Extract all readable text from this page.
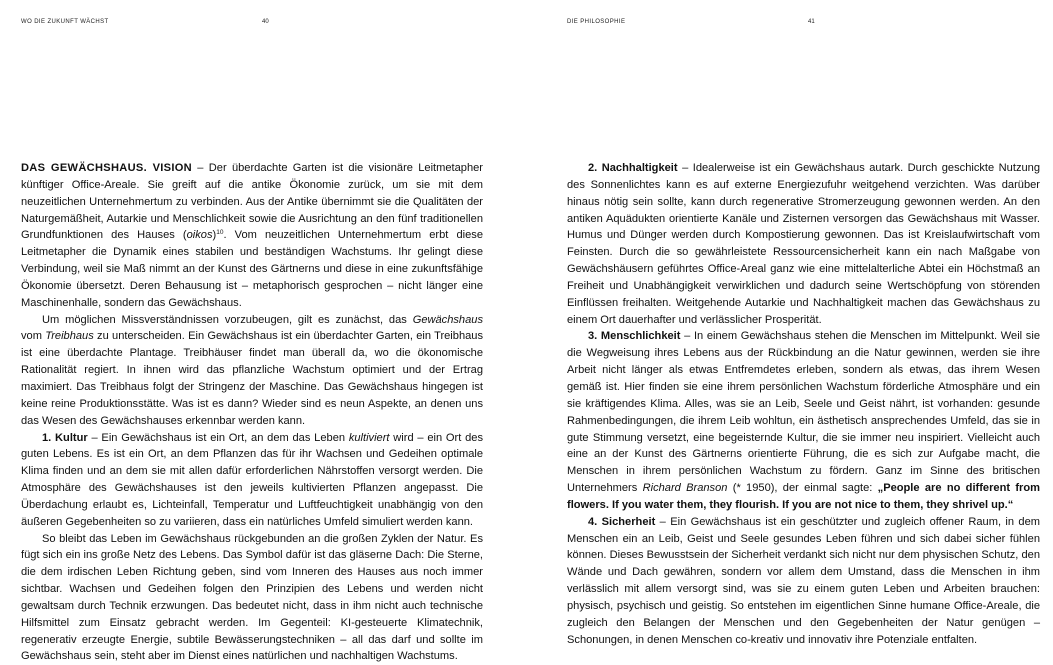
WO DIE ZUKUNFT WÄCHST	40

DAS GEWÄCHSHAUS. VISION – Der überdachte Garten ist die visionäre Leitmetapher künftiger Office-Areale. Sie greift auf die antike Ökonomie zurück, um sie mit dem neuzeitlichen Unternehmertum zu verbinden. Aus der Antike übernimmt sie die Qualitäten der Naturgemäßheit, Autarkie und Menschlichkeit sowie die Ausrichtung an den fünf traditionellen Grundfunktionen des Hauses (oikos)$^{10}$. Vom neuzeitlichen Unternehmertum erbt diese Leitmetapher die Dynamik eines stabilen und beständigen Wachstums. Ihr gelingt diese Verbindung, weil sie Maß nimmt an der Kunst des Gärtnerns und diese in eine zukunftsfähige Ökonomie übersetzt. Deren Behausung ist – metaphorisch gesprochen – nicht länger eine Maschinenhalle, sondern das Gewächshaus.

Um möglichen Missverständnissen vorzubeugen, gilt es zunächst, das Gewächshaus vom Treibhaus zu unterscheiden. Ein Gewächshaus ist ein überdachter Garten, ein Treibhaus ist eine überdachte Plantage. Treibhäuser findet man überall da, wo die ökonomische Rationalität regiert. In ihnen wird das pflanzliche Wachstum optimiert und der Ertrag maximiert. Das Treibhaus folgt der Stringenz der Maschine. Das Gewächshaus hingegen ist keine reine Produktionsstätte. Was ist es dann? Wieder sind es neun Aspekte, an denen uns das Wesen des Gewächshauses erkennbar werden kann.

1. Kultur – Ein Gewächshaus ist ein Ort, an dem das Leben kultiviert wird – ein Ort des guten Lebens. Es ist ein Ort, an dem Pflanzen das für ihr Wachsen und Gedeihen optimale Klima finden und an dem sie mit allen dafür erforderlichen Nährstoffen versorgt werden. Die Atmosphäre des Gewächshauses ist den jeweils kultivierten Pflanzen angepasst. Die Überdachung erlaubt es, Lichteinfall, Temperatur und Luftfeuchtigkeit unabhängig von den äußeren Gegebenheiten so zu variieren, dass ein natürliches Umfeld simuliert werden kann.

So bleibt das Leben im Gewächshaus rückgebunden an die großen Zyklen der Natur. Es fügt sich ein ins große Netz des Lebens. Das Symbol dafür ist das gläserne Dach: Die Sterne, die dem irdischen Leben Richtung geben, sind vom Inneren des Hauses aus noch immer sichtbar. Wachsen und Gedeihen folgen den Prinzipien des Lebens und werden nicht gewaltsam durch Technik erzwungen. Das bedeutet nicht, dass in ihm nicht auch technische Hilfsmittel zum Einsatz gebracht werden. Im Gegenteil: KI-gesteuerte Klimatechnik, regenerativ erzeugte Energie, subtile Bewässerungstechniken – all das darf und sollte im Gewächshaus sein, steht aber im Dienst eines natürlichen und nachhaltigen Wachstums.

DIE PHILOSOPHIE	41

2. Nachhaltigkeit – Idealerweise ist ein Gewächshaus autark. Durch geschickte Nutzung des Sonnenlichtes kann es auf externe Energiezufuhr weitgehend verzichten. Was darüber hinaus nötig sein sollte, kann durch regenerative Stromerzeugung gewonnen werden. An den antiken Aquädukten orientierte Kanäle und Zisternen versorgen das Gewächshaus mit Wasser. Humus und Dünger werden durch Kompostierung gewonnen. Das ist Kreislaufwirtschaft vom Feinsten. Durch die so gewährleistete Ressourcensicherheit kann ein nach Maßgabe von Gewächshäusern geführtes Office-Areal ganz wie eine mittelalterliche Abtei ein Höchstmaß an Freiheit und Unabhängigkeit verwirklichen und dadurch seine Wertschöpfung von störenden Einflüssen freihalten. Weitgehende Autarkie und Nachhaltigkeit machen das Gewächshaus zu einem Ort dauerhafter und verlässlicher Prosperität.

3. Menschlichkeit – In einem Gewächshaus stehen die Menschen im Mittelpunkt. Weil sie die Wegweisung ihres Lebens aus der Rückbindung an die Natur gewinnen, werden sie ihre Arbeit nicht länger als etwas Entfremdetes erleben, sondern als etwas, das ihrem Wesen gemäß ist. Hier finden sie eine ihrem persönlichen Wachstum förderliche Atmosphäre und ein sie kräftigendes Klima. Alles, was sie an Leib, Seele und Geist nährt, ist vorhanden: gesunde Rahmenbedingungen, die ihrem Leib wohltun, ein ästhetisch ansprechendes Umfeld, das sie in gute Stimmung versetzt, eine begeisternde Kultur, die sie immer neu inspiriert. Vielleicht auch eine an der Kunst des Gärtnerns orientierte Führung, die es sich zur Aufgabe macht, die Menschen in ihrem persönlichen Wachstum zu fördern. Ganz im Sinne des britischen Unternehmers Richard Branson (* 1950), der einmal sagte: „People are no different from flowers. If you water them, they flourish. If you are not nice to them, they shrivel up.“

4. Sicherheit – Ein Gewächshaus ist ein geschützter und zugleich offener Raum, in dem Menschen ein an Leib, Geist und Seele gesundes Leben führen und sich dabei sicher fühlen können. Dieses Bewusstsein der Sicherheit verdankt sich nicht nur dem physischen Schutz, den Wände und Dach gewähren, sondern vor allem dem Umstand, dass die Menschen in ihm verlässlich mit allem versorgt sind, was sie zu einem guten Leben und Arbeiten brauchen: physisch, psychisch und geistig. So entstehen im eigentlichen Sinne humane Office-Areale, die zugleich den Belangen der Menschen und den Gegebenheiten der Natur genügen – Schonungen, in denen Menschen co-kreativ und innovativ ihre Potenziale entfalten.
